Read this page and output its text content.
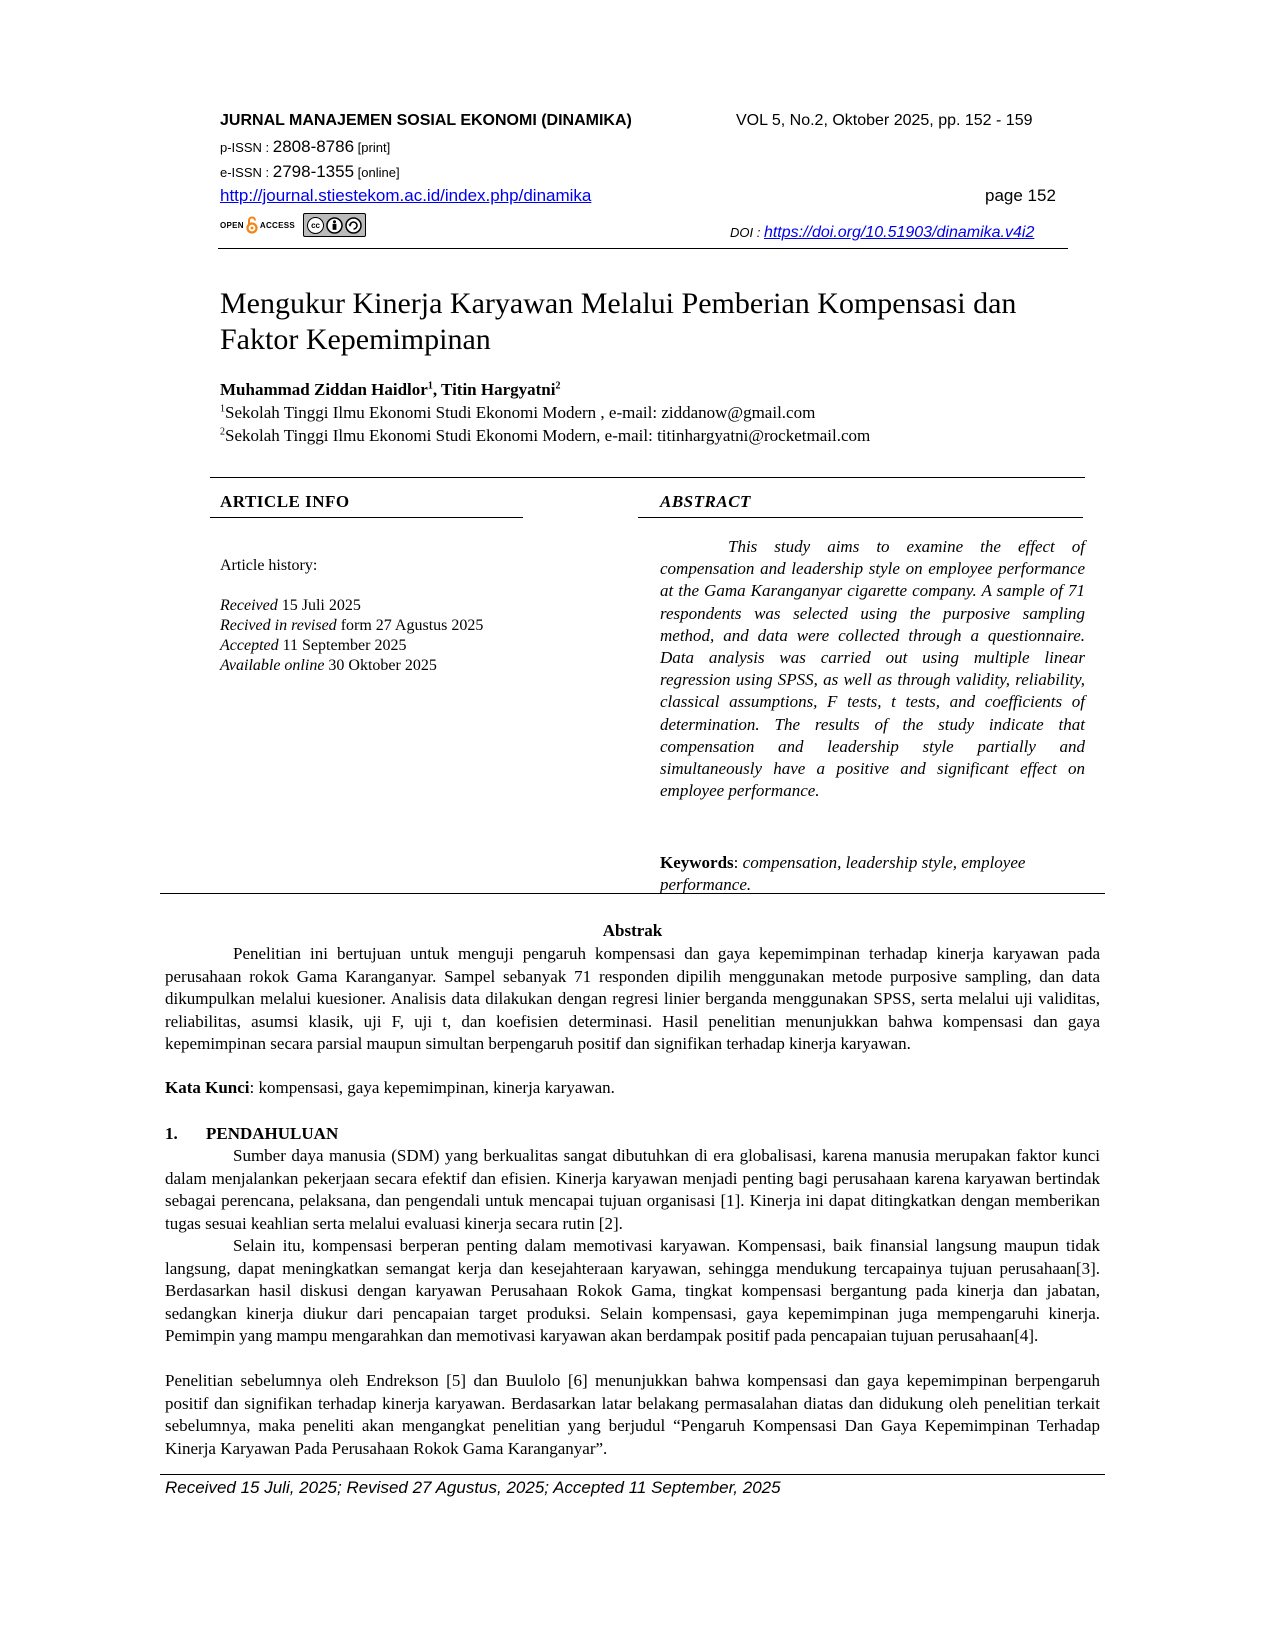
JURNAL MANAJEMEN SOSIAL EKONOMI (DINAMIKA)	VOL 5, No.2, Oktober 2025, pp. 152 - 159
p-ISSN : 2808-8786 [print]
e-ISSN : 2798-1355 [online]
http://journal.stiestekom.ac.id/index.php/dinamika	page 152
OPEN ACCESS	cc	DOI : https://doi.org/10.51903/dinamika.v4i2
Mengukur Kinerja Karyawan Melalui Pemberian Kompensasi dan Faktor Kepemimpinan
Muhammad Ziddan Haidlor$^1$, Titin Hargyatni$^2$
$^1$Sekolah Tinggi Ilmu Ekonomi Studi Ekonomi Modern , e-mail: ziddanow@gmail.com
$^2$Sekolah Tinggi Ilmu Ekonomi Studi Ekonomi Modern, e-mail: titinhargyatni@rocketmail.com
ARTICLE INFO	ABSTRACT
Article history:
Received 15 Juli 2025
Recived in revised form 27 Agustus 2025
Accepted 11 September 2025
Available online 30 Oktober 2025

This study aims to examine the effect of compensation and leadership style on employee performance at the Gama Karanganyar cigarette company. A sample of 71 respondents was selected using the purposive sampling method, and data were collected through a questionnaire. Data analysis was carried out using multiple linear regression using SPSS, as well as through validity, reliability, classical assumptions, F tests, t tests, and coefficients of determination. The results of the study indicate that compensation and leadership style partially and simultaneously have a positive and significant effect on employee performance.

Keywords: compensation, leadership style, employee performance.

Abstrak

Penelitian ini bertujuan untuk menguji pengaruh kompensasi dan gaya kepemimpinan terhadap kinerja karyawan pada perusahaan rokok Gama Karanganyar. Sampel sebanyak 71 responden dipilih menggunakan metode purposive sampling, dan data dikumpulkan melalui kuesioner. Analisis data dilakukan dengan regresi linier berganda menggunakan SPSS, serta melalui uji validitas, reliabilitas, asumsi klasik, uji F, uji t, dan koefisien determinasi. Hasil penelitian menunjukkan bahwa kompensasi dan gaya kepemimpinan secara parsial maupun simultan berpengaruh positif dan signifikan terhadap kinerja karyawan.

Kata Kunci: kompensasi, gaya kepemimpinan, kinerja karyawan.
1. PENDAHULUAN

Sumber daya manusia (SDM) yang berkualitas sangat dibutuhkan di era globalisasi, karena manusia merupakan faktor kunci dalam menjalankan pekerjaan secara efektif dan efisien. Kinerja karyawan menjadi penting bagi perusahaan karena karyawan bertindak sebagai perencana, pelaksana, dan pengendali untuk mencapai tujuan organisasi [1]. Kinerja ini dapat ditingkatkan dengan memberikan tugas sesuai keahlian serta melalui evaluasi kinerja secara rutin [2].

Selain itu, kompensasi berperan penting dalam memotivasi karyawan. Kompensasi, baik finansial langsung maupun tidak langsung, dapat meningkatkan semangat kerja dan kesejahteraan karyawan, sehingga mendukung tercapainya tujuan perusahaan[3]. Berdasarkan hasil diskusi dengan karyawan Perusahaan Rokok Gama, tingkat kompensasi bergantung pada kinerja dan jabatan, sedangkan kinerja diukur dari pencapaian target produksi. Selain kompensasi, gaya kepemimpinan juga mempengaruhi kinerja. Pemimpin yang mampu mengarahkan dan memotivasi karyawan akan berdampak positif pada pencapaian tujuan perusahaan[4].

Penelitian sebelumnya oleh Endrekson [5] dan Buulolo [6] menunjukkan bahwa kompensasi dan gaya kepemimpinan berpengaruh positif dan signifikan terhadap kinerja karyawan. Berdasarkan latar belakang permasalahan diatas dan didukung oleh penelitian terkait sebelumnya, maka peneliti akan mengangkat penelitian yang berjudul “Pengaruh Kompensasi Dan Gaya Kepemimpinan Terhadap Kinerja Karyawan Pada Perusahaan Rokok Gama Karanganyar”.

Received 15 Juli, 2025; Revised 27 Agustus, 2025; Accepted 11 September, 2025
